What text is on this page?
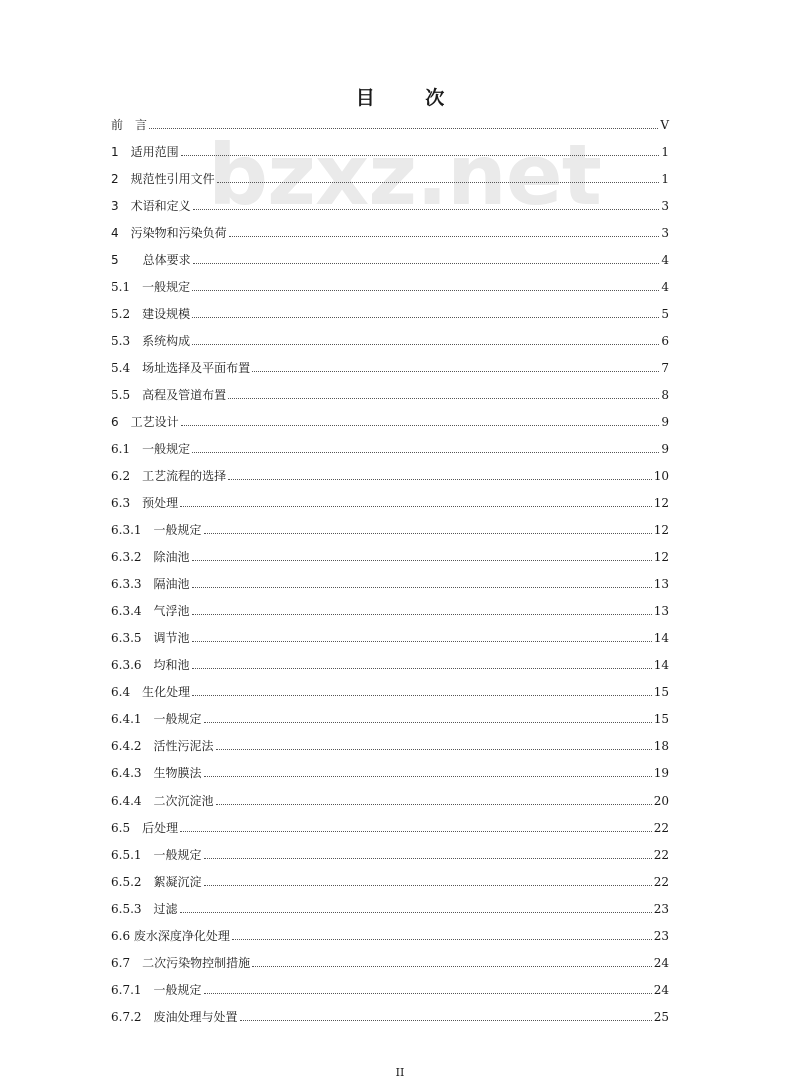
目 次
bzxz.net
前　言	V
1　 适用范围	1
2　 规范性引用文件	1
3　 术语和定义	3
4　 污染物和污染负荷	3
5　　 总体要求	4
5.1　 一般规定	4
5.2　 建设规模	5
5.3　 系统构成	6
5.4　 场址选择及平面布置	7
5.5　 高程及管道布置	8
6　 工艺设计	9
6.1　 一般规定	9
6.2　 工艺流程的选择	10
6.3　 预处理	12
6.3.1　 一般规定	12
6.3.2　 除油池	12
6.3.3　 隔油池	13
6.3.4　 气浮池	13
6.3.5　 调节池	14
6.3.6　 均和池	14
6.4　 生化处理	15
6.4.1　 一般规定	15
6.4.2　 活性污泥法	18
6.4.3　 生物膜法	19
6.4.4　 二次沉淀池	20
6.5　 后处理	22
6.5.1　 一般规定	22
6.5.2　 絮凝沉淀	22
6.5.3　 过滤	23
6.6 废水深度净化处理	23
6.7　 二次污染物控制措施	24
6.7.1　 一般规定	24
6.7.2　 废油处理与处置	25
II
